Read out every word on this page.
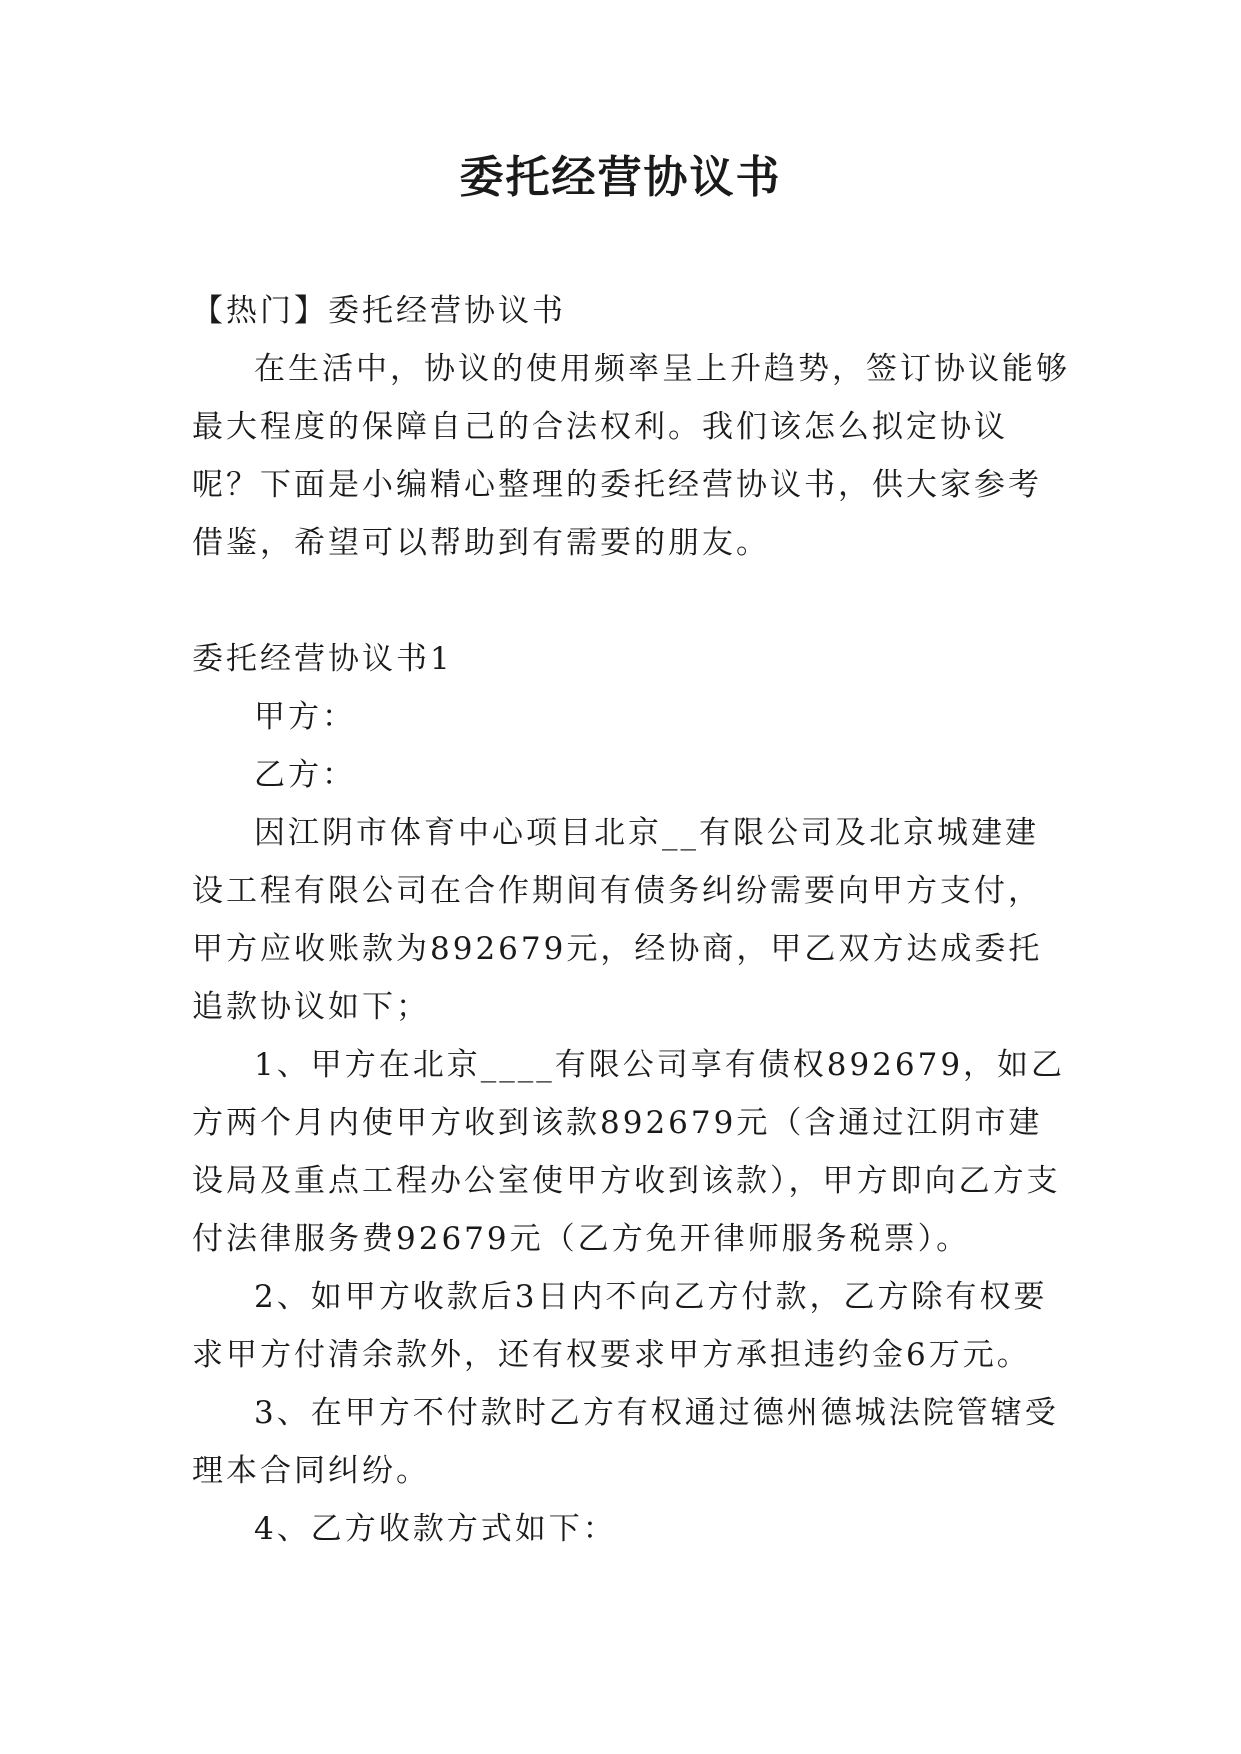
委托经营协议书

【热门】委托经营协议书

在生活中，协议的使用频率呈上升趋势，签订协议能够最大程度的保障自己的合法权利。我们该怎么拟定协议呢？下面是小编精心整理的委托经营协议书，供大家参考借鉴，希望可以帮助到有需要的朋友。

委托经营协议书1

甲方：

乙方：

因江阴市体育中心项目北京__有限公司及北京城建建设工程有限公司在合作期间有债务纠纷需要向甲方支付，甲方应收账款为892679元，经协商，甲乙双方达成委托追款协议如下；

1、甲方在北京____有限公司享有债权892679，如乙方两个月内使甲方收到该款892679元（含通过江阴市建设局及重点工程办公室使甲方收到该款），甲方即向乙方支付法律服务费92679元（乙方免开律师服务税票）。

2、如甲方收款后3日内不向乙方付款，乙方除有权要求甲方付清余款外，还有权要求甲方承担违约金6万元。

3、在甲方不付款时乙方有权通过德州德城法院管辖受理本合同纠纷。

4、乙方收款方式如下：
